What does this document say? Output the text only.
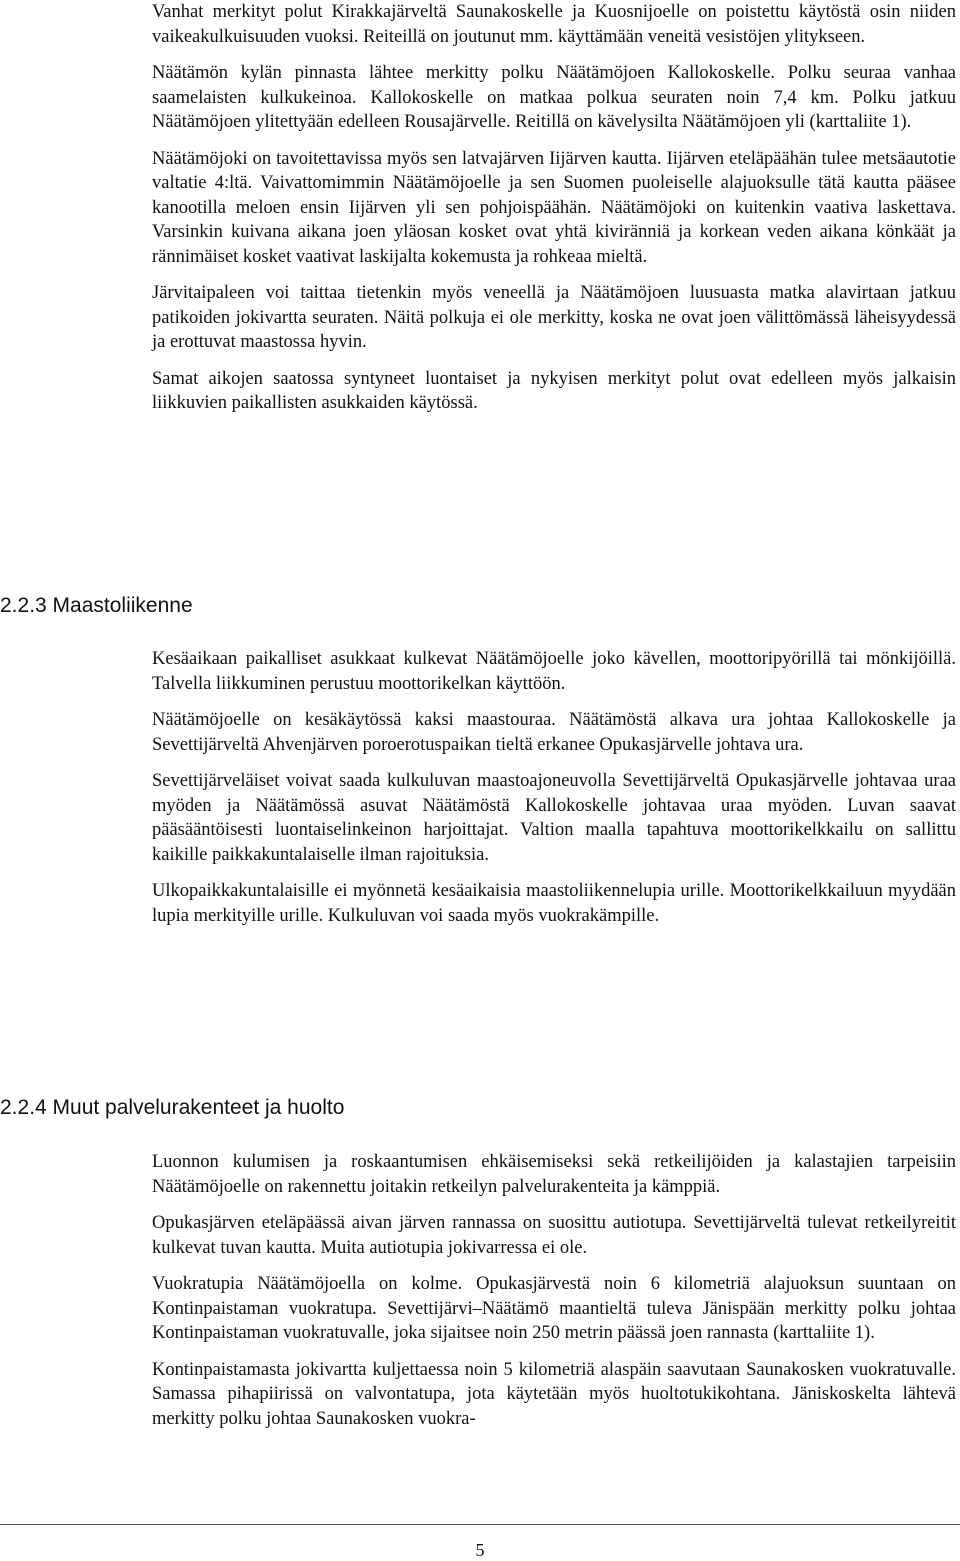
Vanhat merkityt polut Kirakkajärveltä Saunakoskelle ja Kuosnijoelle on poistettu käytöstä osin niiden vaikeakulkuisuuden vuoksi. Reiteillä on joutunut mm. käyttämään veneitä vesistöjen ylitykseen.

Näätämön kylän pinnasta lähtee merkitty polku Näätämöjoen Kallokoskelle. Polku seuraa vanhaa saamelaisten kulkukeinoa. Kallokoskelle on matkaa polkua seuraten noin 7,4 km. Polku jatkuu Näätämöjoen ylitettyään edelleen Rousajärvelle. Reitillä on kävelysilta Näätämöjoen yli (karttaliite 1).

Näätämöjoki on tavoitettavissa myös sen latvajärven Iijärven kautta. Iijärven eteläpäähän tulee metsäautotie valtatie 4:ltä. Vaivattomimmin Näätämöjoelle ja sen Suomen puoleiselle alajuoksulle tätä kautta pääsee kanootilla meloen ensin Iijärven yli sen pohjoispäähän. Näätämöjoki on kuitenkin vaativa laskettava. Varsinkin kuivana aikana joen yläosan kosket ovat yhtä kiviränniä ja korkean veden aikana könkäät ja rännimäiset kosket vaativat laskijalta kokemusta ja rohkeaa mieltä.

Järvitaipaleen voi taittaa tietenkin myös veneellä ja Näätämöjoen luusuasta matka alavirtaan jatkuu patikoiden jokivartta seuraten. Näitä polkuja ei ole merkitty, koska ne ovat joen välittömässä läheisyydessä ja erottuvat maastossa hyvin.

Samat aikojen saatossa syntyneet luontaiset ja nykyisen merkityt polut ovat edelleen myös jalkaisin liikkuvien paikallisten asukkaiden käytössä.

2.2.3 Maastoliikenne

Kesäaikaan paikalliset asukkaat kulkevat Näätämöjoelle joko kävellen, moottoripyörillä tai mönkijöillä. Talvella liikkuminen perustuu moottorikelkan käyttöön.

Näätämöjoelle on kesäkäytössä kaksi maastouraa. Näätämöstä alkava ura johtaa Kallokoskelle ja Sevettijärveltä Ahvenjärven poroerotuspaikan tieltä erkanee Opukasjärvelle johtava ura.

Sevettijärveläiset voivat saada kulkuluvan maastoajoneuvolla Sevettijärveltä Opukasjärvelle johtavaa uraa myöden ja Näätämössä asuvat Näätämöstä Kallokoskelle johtavaa uraa myöden. Luvan saavat pääsääntöisesti luontaiselinkeinon harjoittajat. Valtion maalla tapahtuva moottorikelkkailu on sallittu kaikille paikkakuntalaiselle ilman rajoituksia.

Ulkopaikkakuntalaisille ei myönnetä kesäaikaisia maastoliikennelupia urille. Moottorikelkkailuun myydään lupia merkityille urille. Kulkuluvan voi saada myös vuokrakämpille.

2.2.4 Muut palvelurakenteet ja huolto

Luonnon kulumisen ja roskaantumisen ehkäisemiseksi sekä retkeilijöiden ja kalastajien tarpeisiin Näätämöjoelle on rakennettu joitakin retkeilyn palvelurakenteita ja kämppiä.

Opukasjärven eteläpäässä aivan järven rannassa on suosittu autiotupa. Sevettijärveltä tulevat retkeilyreitit kulkevat tuvan kautta. Muita autiotupia jokivarressa ei ole.

Vuokratupia Näätämöjoella on kolme. Opukasjärvestä noin 6 kilometriä alajuoksun suuntaan on Kontinpaistaman vuokratupa. Sevettijärvi–Näätämö maantieltä tuleva Jänispään merkitty polku johtaa Kontinpaistaman vuokratuvalle, joka sijaitsee noin 250 metrin päässä joen rannasta (karttaliite 1).

Kontinpaistamasta jokivartta kuljettaessa noin 5 kilometriä alaspäin saavutaan Saunakosken vuokratuvalle. Samassa pihapiirissä on valvontatupa, jota käytetään myös huoltotukikohtana. Jäniskoskelta lähtevä merkitty polku johtaa Saunakosken vuokra-

5
